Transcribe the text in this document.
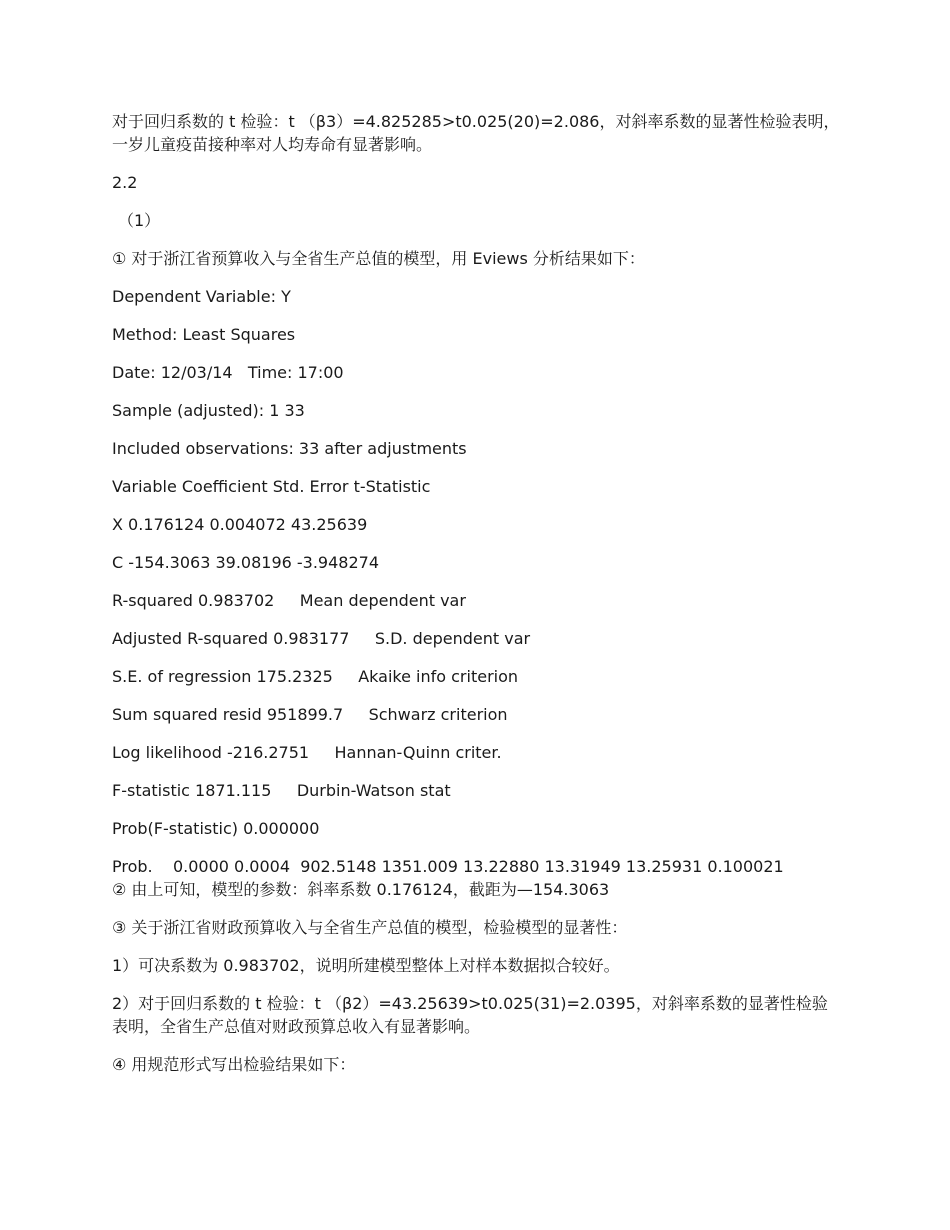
对于回归系数的 t 检验：t （β3）=4.825285>t0.025(20)=2.086，对斜率系数的显著性检验表明，一岁儿童疫苗接种率对人均寿命有显著影响。

2.2

（1）

① 对于浙江省预算收入与全省生产总值的模型，用 Eviews 分析结果如下：

Dependent Variable: Y

Method: Least Squares

Date: 12/03/14   Time: 17:00

Sample (adjusted): 1 33

Included observations: 33 after adjustments

Variable Coefficient Std. Error t-Statistic

X 0.176124 0.004072 43.25639

C -154.3063 39.08196 -3.948274

R-squared 0.983702     Mean dependent var

Adjusted R-squared 0.983177     S.D. dependent var

S.E. of regression 175.2325     Akaike info criterion

Sum squared resid 951899.7     Schwarz criterion

Log likelihood -216.2751     Hannan-Quinn criter.

F-statistic 1871.115     Durbin-Watson stat

Prob(F-statistic) 0.000000

Prob.    0.0000 0.0004  902.5148 1351.009 13.22880 13.31949 13.25931 0.100021

② 由上可知，模型的参数：斜率系数 0.176124，截距为—154.3063

③ 关于浙江省财政预算收入与全省生产总值的模型，检验模型的显著性：

1）可决系数为 0.983702，说明所建模型整体上对样本数据拟合较好。

2）对于回归系数的 t 检验：t （β2）=43.25639>t0.025(31)=2.0395，对斜率系数的显著性检验表明，全省生产总值对财政预算总收入有显著影响。

④ 用规范形式写出检验结果如下：
